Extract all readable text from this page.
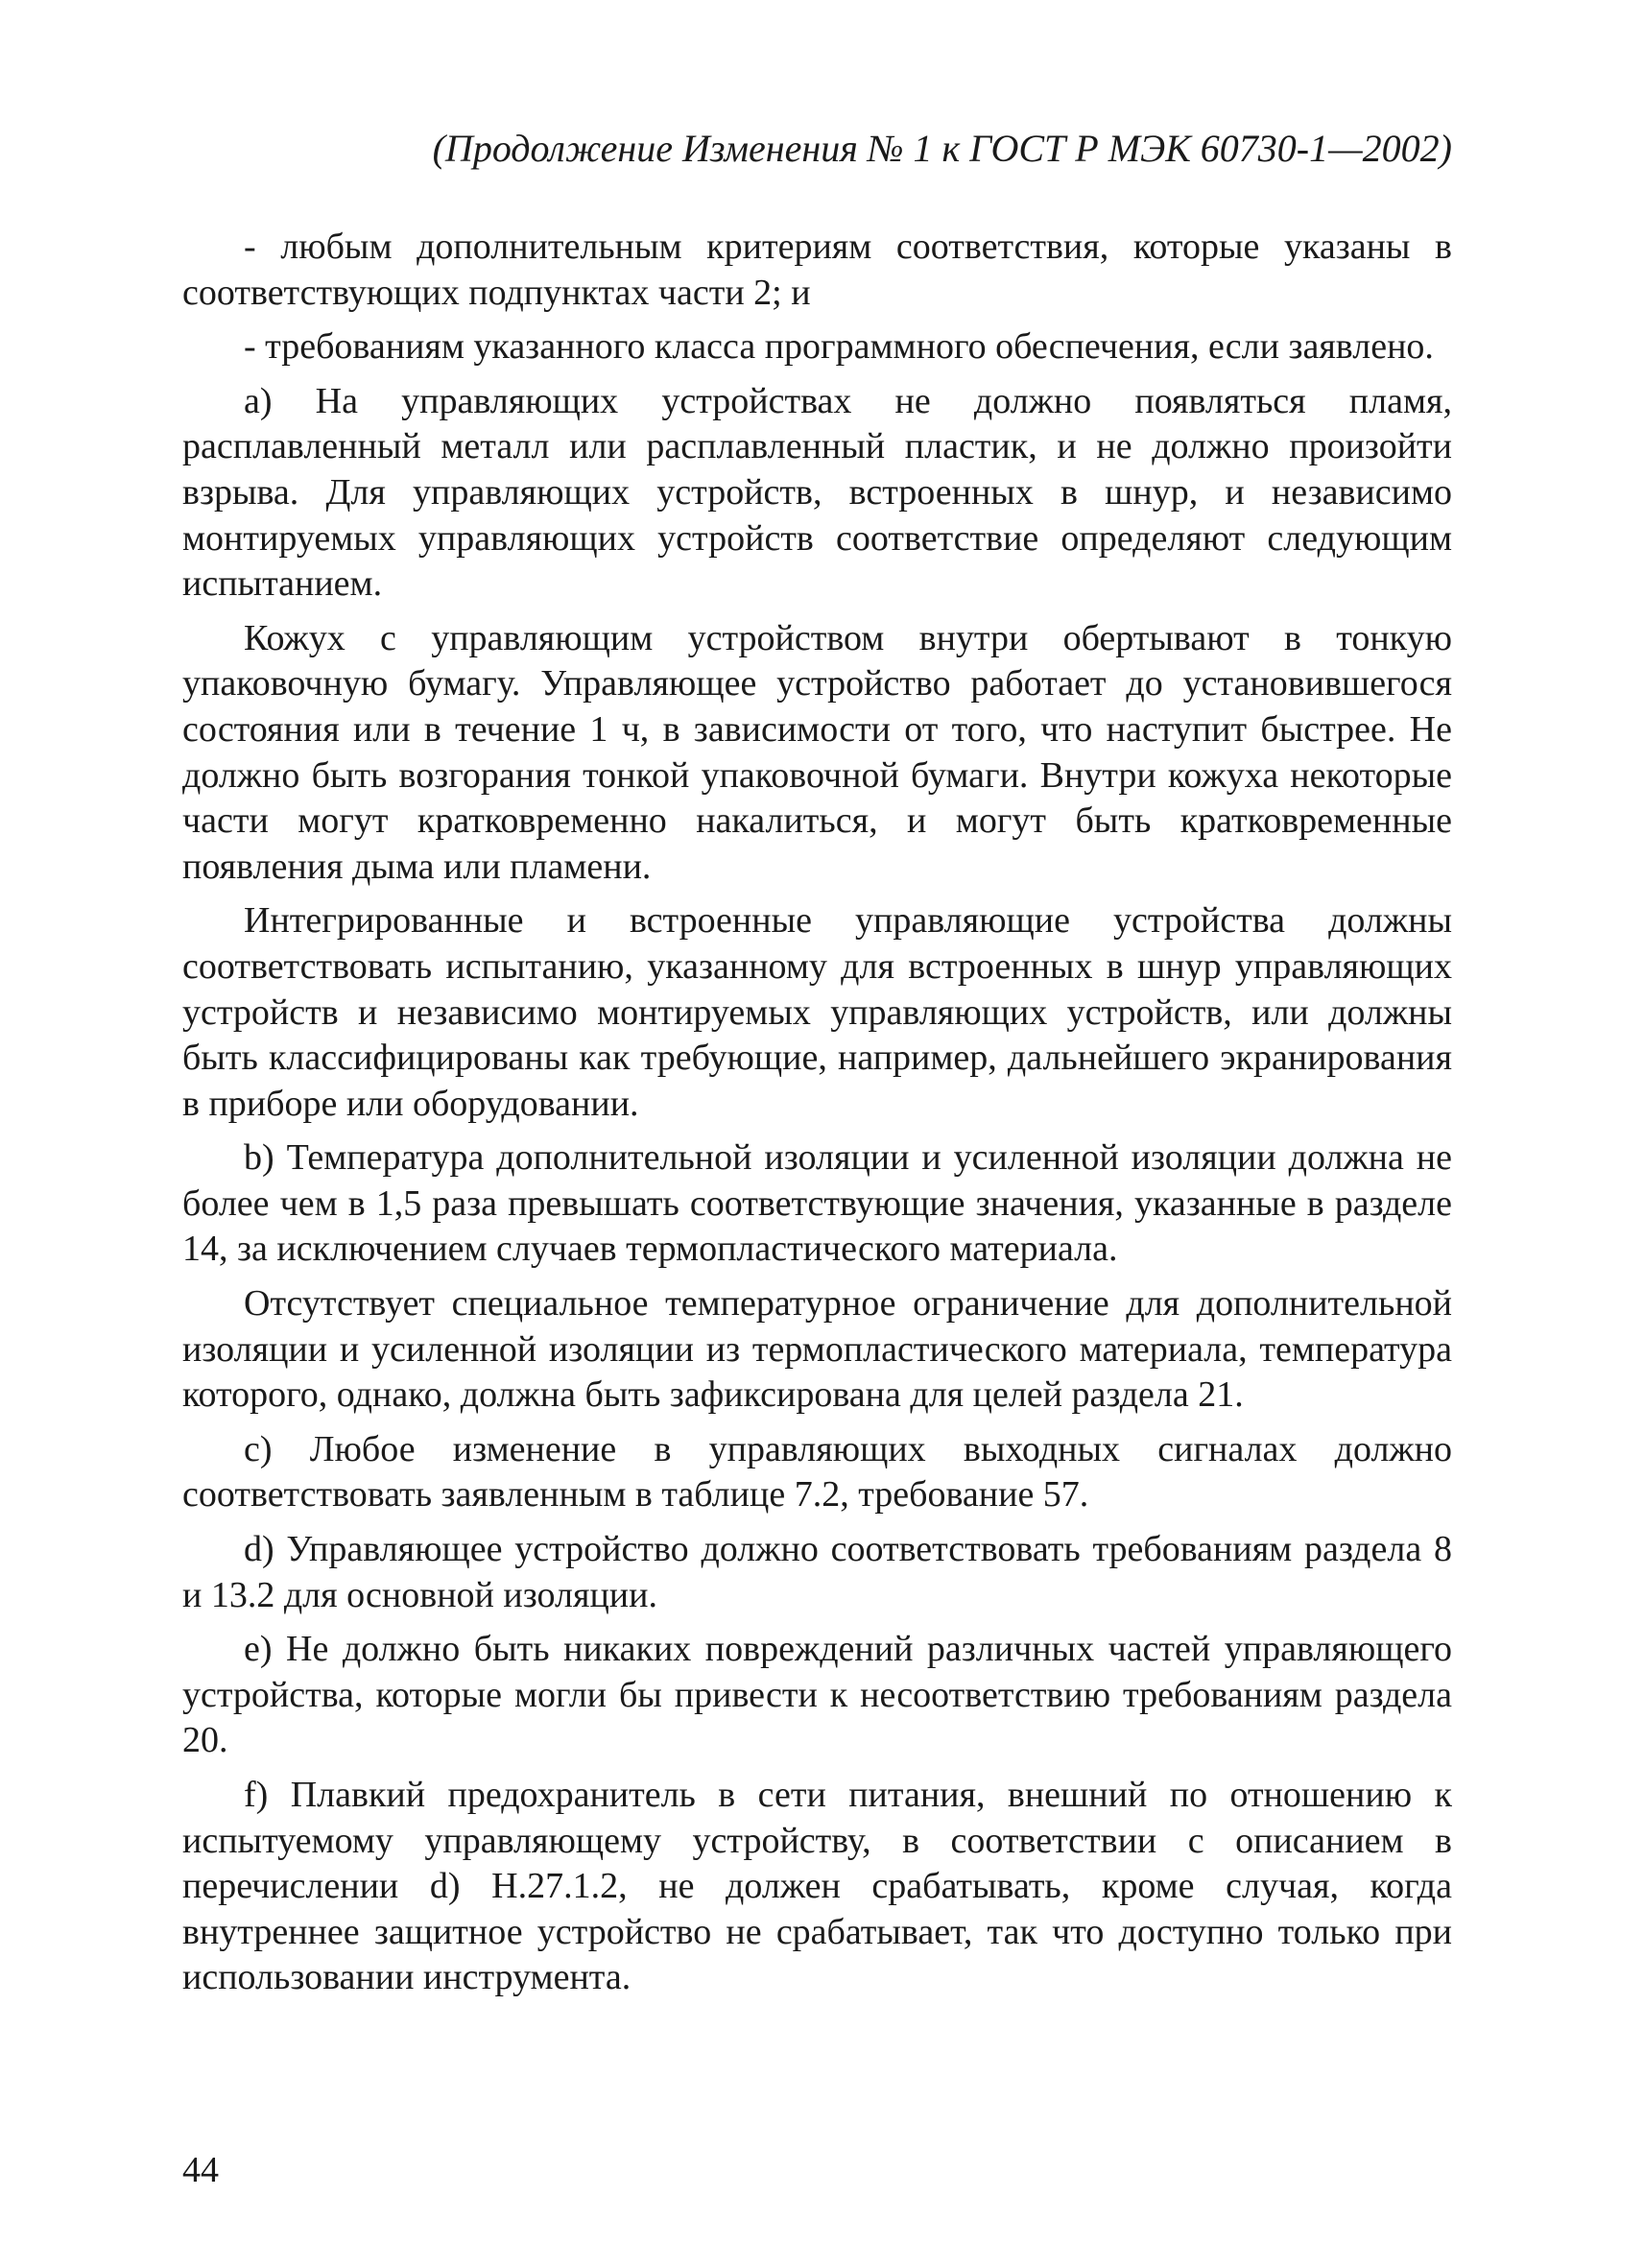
(Продолжение Изменения № 1 к ГОСТ Р МЭК 60730-1—2002)

- любым дополнительным критериям соответствия, которые указаны в соответствующих подпунктах части 2; и

- требованиям указанного класса программного обеспечения, если заявлено.

a) На управляющих устройствах не должно появляться пламя, расплавленный металл или расплавленный пластик, и не должно произойти взрыва. Для управляющих устройств, встроенных в шнур, и независимо монтируемых управляющих устройств соответствие определяют следующим испытанием.

Кожух с управляющим устройством внутри обертывают в тонкую упаковочную бумагу. Управляющее устройство работает до установившегося состояния или в течение 1 ч, в зависимости от того, что наступит быстрее. Не должно быть возгорания тонкой упаковочной бумаги. Внутри кожуха некоторые части могут кратковременно накалиться, и могут быть кратковременные появления дыма или пламени.

Интегрированные и встроенные управляющие устройства должны соответствовать испытанию, указанному для встроенных в шнур управляющих устройств и независимо монтируемых управляющих устройств, или должны быть классифицированы как требующие, например, дальнейшего экранирования в приборе или оборудовании.

b) Температура дополнительной изоляции и усиленной изоляции должна не более чем в 1,5 раза превышать соответствующие значения, указанные в разделе 14, за исключением случаев термопластического материала.

Отсутствует специальное температурное ограничение для дополнительной изоляции и усиленной изоляции из термопластического материала, температура которого, однако, должна быть зафиксирована для целей раздела 21.

c) Любое изменение в управляющих выходных сигналах должно соответствовать заявленным в таблице 7.2, требование 57.

d) Управляющее устройство должно соответствовать требованиям раздела 8 и 13.2 для основной изоляции.

e) Не должно быть никаких повреждений различных частей управляющего устройства, которые могли бы привести к несоответствию требованиям раздела 20.

f) Плавкий предохранитель в сети питания, внешний по отношению к испытуемому управляющему устройству, в соответствии с описанием в перечислении d) H.27.1.2, не должен срабатывать, кроме случая, когда внутреннее защитное устройство не срабатывает, так что доступно только при использовании инструмента.

44
